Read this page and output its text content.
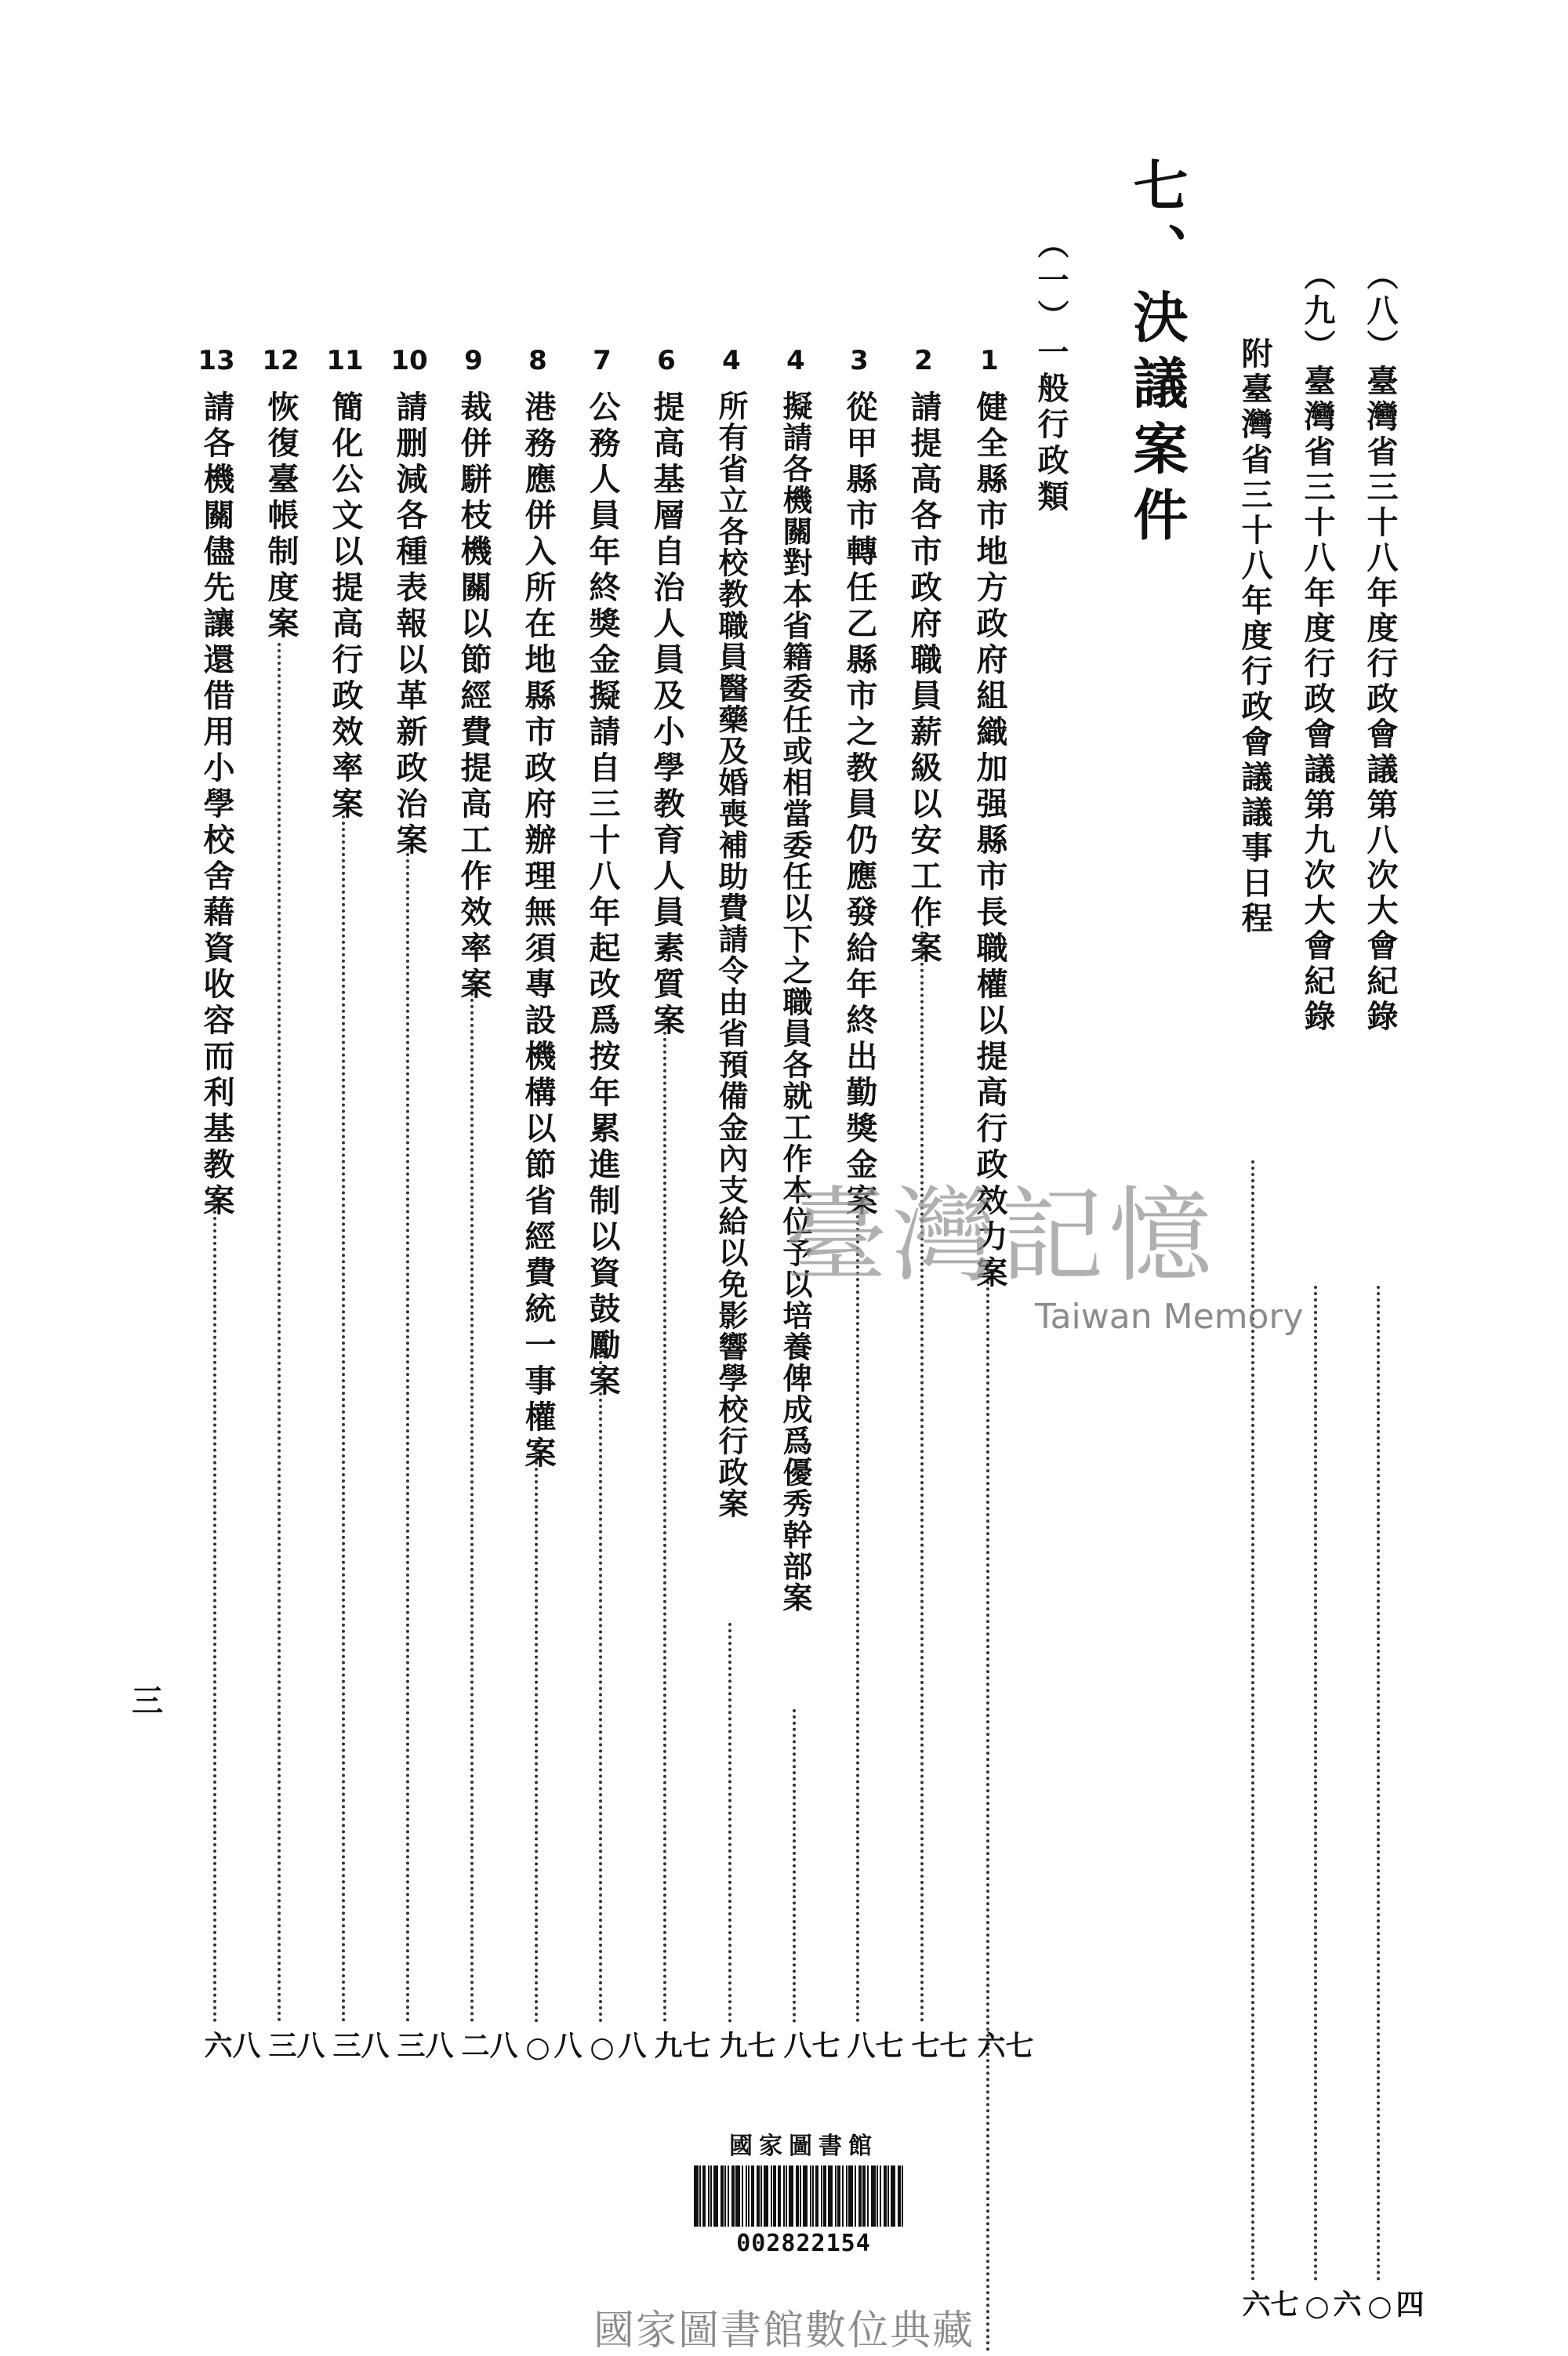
（八）臺灣省三十八年度行政會議第八次大會紀錄
四○
（九）臺灣省三十八年度行政會議第九次大會紀錄
六○
附臺灣省三十八年度行政會議議事日程
七六
七、決議案件
（一）一般行政類
1
健全縣市地方政府組織加强縣市長職權以提高行政效力案
七六
2
請提高各市政府職員薪級以安工作案
七七
3
從甲縣市轉任乙縣市之教員仍應發給年終出勤獎金案
七八
4
擬請各機關對本省籍委任或相當委任以下之職員各就工作本位予以培養俾成爲優秀幹部案
七八
4
所有省立各校教職員醫藥及婚喪補助費請令由省預備金內支給以免影響學校行政案
七九
6
提高基層自治人員及小學教育人員素質案
七九
7
公務人員年終獎金擬請自三十八年起改爲按年累進制以資鼓勵案
八○
8
港務應併入所在地縣市政府辦理無須專設機構以節省經費統一事權案
八○
9
裁併駢枝機關以節經費提高工作效率案
八二
10
請删減各種表報以革新政治案
八三
11
簡化公文以提高行政效率案
八三
12
恢復臺帳制度案
八三
13
請各機關儘先讓還借用小學校舍藉資收容而利基教案
八六
三
臺灣記憶
Taiwan Memory
國家圖書館
002822154
國家圖書館數位典藏
